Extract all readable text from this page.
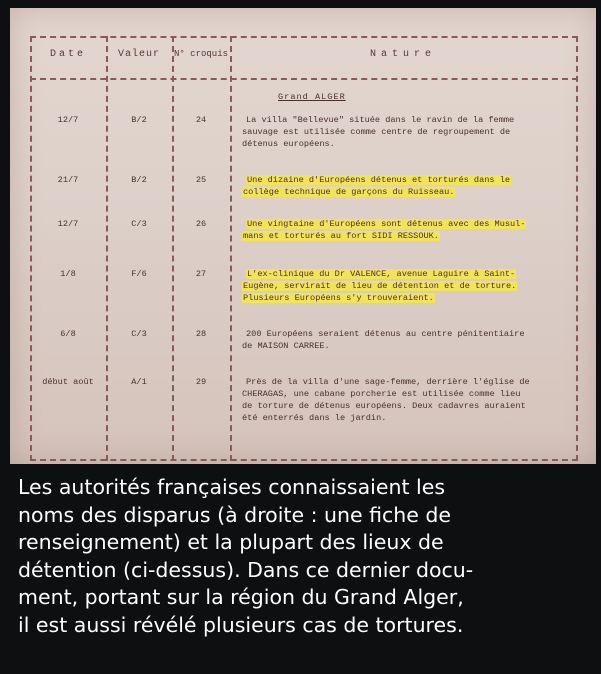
Date	Valeur	N° croquis	Nature
Grand ALGER
12/7	B/2	24	La villa "Bellevue" située dans le ravin de la femme
sauvage est utilisée comme centre de regroupement de
détenus européens.
21/7	B/2	25	Une dizaine d'Européens détenus et torturés dans le
collège technique de garçons du Ruisseau.
12/7	C/3	26	Une vingtaine d'Européens sont détenus avec des Musul-
mans et torturés au fort SIDI RESSOUK.
1/8	F/6	27	L'ex-clinique du Dr VALENCE, avenue Laguire à Saint-
Eugène, servirait de lieu de détention et de torture.
Plusieurs Européens s'y trouveraient.
6/8	C/3	28	200 Européens seraient détenus au centre pénitentiaire
de MAISON CARREE.
début août	A/1	29	Près de la villa d'une sage-femme, derrière l'église de
CHERAGAS, une cabane porcherie est utilisée comme lieu
de torture de détenus européens. Deux cadavres auraient
été enterrés dans le jardin.
Les autorités françaises connaissaient les
noms des disparus (à droite : une fiche de
renseignement) et la plupart des lieux de
détention (ci-dessus). Dans ce dernier docu-
ment, portant sur la région du Grand Alger,
il est aussi révélé plusieurs cas de tortures.
